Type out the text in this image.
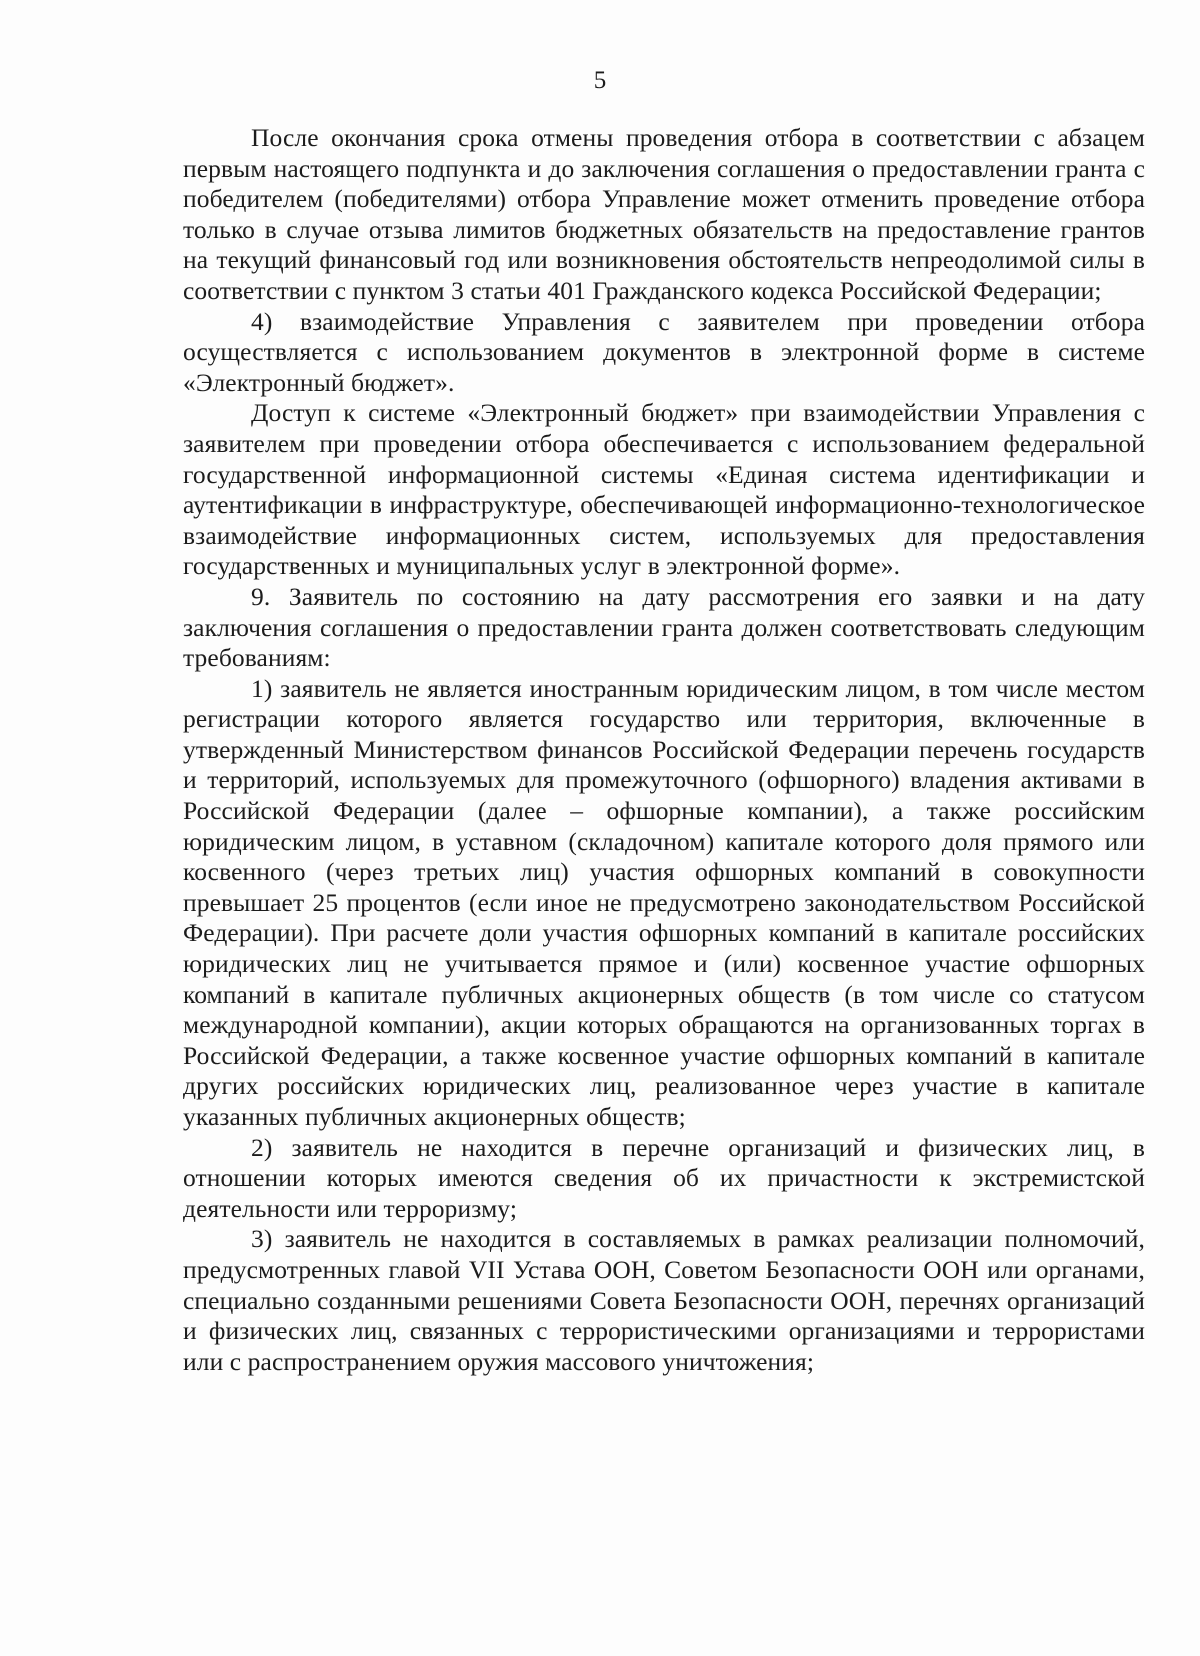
5

После окончания срока отмены проведения отбора в соответствии с абзацем первым настоящего подпункта и до заключения соглашения о предоставлении гранта с победителем (победителями) отбора Управление может отменить проведение отбора только в случае отзыва лимитов бюджетных обязательств на предоставление грантов на текущий финансовый год или возникновения обстоятельств непреодолимой силы в соответствии с пунктом 3 статьи 401 Гражданского кодекса Российской Федерации;

4) взаимодействие Управления с заявителем при проведении отбора осуществляется с использованием документов в электронной форме в системе «Электронный бюджет».

Доступ к системе «Электронный бюджет» при взаимодействии Управления с заявителем при проведении отбора обеспечивается с использованием федеральной государственной информационной системы «Единая система идентификации и аутентификации в инфраструктуре, обеспечивающей информационно-технологическое взаимодействие информационных систем, используемых для предоставления государственных и муниципальных услуг в электронной форме».

9. Заявитель по состоянию на дату рассмотрения его заявки и на дату заключения соглашения о предоставлении гранта должен соответствовать следующим требованиям:

1) заявитель не является иностранным юридическим лицом, в том числе местом регистрации которого является государство или территория, включенные в утвержденный Министерством финансов Российской Федерации перечень государств и территорий, используемых для промежуточного (офшорного) владения активами в Российской Федерации (далее – офшорные компании), а также российским юридическим лицом, в уставном (складочном) капитале которого доля прямого или косвенного (через третьих лиц) участия офшорных компаний в совокупности превышает 25 процентов (если иное не предусмотрено законодательством Российской Федерации). При расчете доли участия офшорных компаний в капитале российских юридических лиц не учитывается прямое и (или) косвенное участие офшорных компаний в капитале публичных акционерных обществ (в том числе со статусом международной компании), акции которых обращаются на организованных торгах в Российской Федерации, а также косвенное участие офшорных компаний в капитале других российских юридических лиц, реализованное через участие в капитале указанных публичных акционерных обществ;

2) заявитель не находится в перечне организаций и физических лиц, в отношении которых имеются сведения об их причастности к экстремистской деятельности или терроризму;

3) заявитель не находится в составляемых в рамках реализации полномочий, предусмотренных главой VII Устава ООН, Советом Безопасности ООН или органами, специально созданными решениями Совета Безопасности ООН, перечнях организаций и физических лиц, связанных с террористическими организациями и террористами или с распространением оружия массового уничтожения;
